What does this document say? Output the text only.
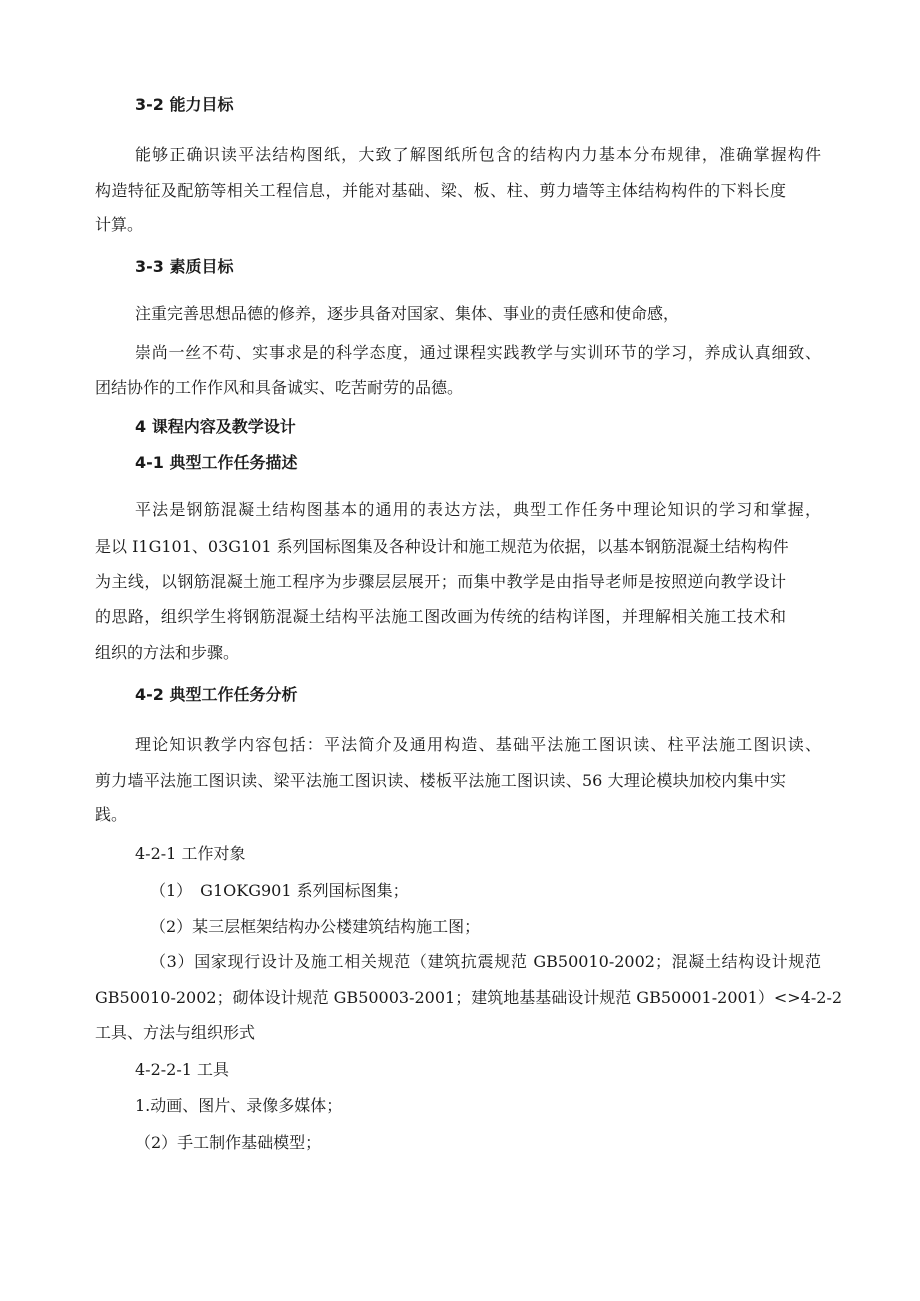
3-2 能力目标
能够正确识读平法结构图纸，大致了解图纸所包含的结构内力基本分布规律，准确掌握构件
构造特征及配筋等相关工程信息，并能对基础、梁、板、柱、剪力墙等主体结构构件的下料长度
计算。
3-3 素质目标
注重完善思想品德的修养，逐步具备对国家、集体、事业的责任感和使命感，
崇尚一丝不苟、实事求是的科学态度，通过课程实践教学与实训环节的学习，养成认真细致、
团结协作的工作作风和具备诚实、吃苦耐劳的品德。
4 课程内容及教学设计
4-1 典型工作任务描述
平法是钢筋混凝土结构图基本的通用的表达方法，典型工作任务中理论知识的学习和掌握，
是以 I1G101、03G101 系列国标图集及各种设计和施工规范为依据，以基本钢筋混凝土结构构件
为主线，以钢筋混凝土施工程序为步骤层层展开；而集中教学是由指导老师是按照逆向教学设计
的思路，组织学生将钢筋混凝土结构平法施工图改画为传统的结构详图，并理解相关施工技术和
组织的方法和步骤。
4-2 典型工作任务分析
理论知识教学内容包括：平法简介及通用构造、基础平法施工图识读、柱平法施工图识读、
剪力墙平法施工图识读、梁平法施工图识读、楼板平法施工图识读、56 大理论模块加校内集中实
践。
4-2-1 工作对象
（1）　G1OKG901 系列国标图集；
（2）某三层框架结构办公楼建筑结构施工图；
（3）国家现行设计及施工相关规范（建筑抗震规范 GB50010-2002；混凝土结构设计规范
GB50010-2002；砌体设计规范 GB50003-2001；建筑地基基础设计规范 GB50001-2001）<>4-2-2
工具、方法与组织形式
4-2-2-1 工具
1.动画、图片、录像多媒体；
（2）手工制作基础模型；
